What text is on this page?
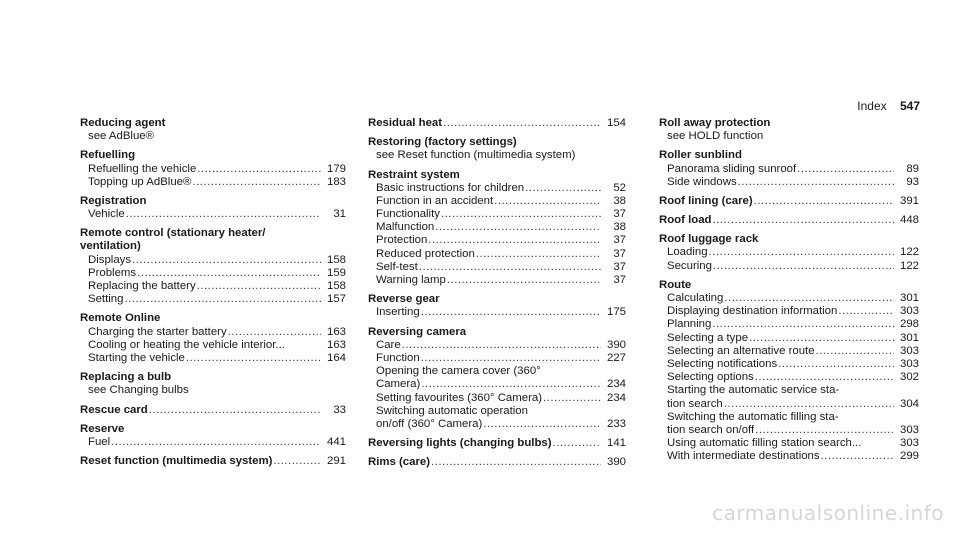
Index 547
Reducing agent
see AdBlue®
Refuelling
Refuelling the vehicle .....	179
Topping up AdBlue® .....	183
Registration
Vehicle .....	31
Remote control (stationary heater/
ventilation)
Displays .....	158
Problems .....	159
Replacing the battery .....	158
Setting .....	157
Remote Online
Charging the starter battery .....	163
Cooling or heating the vehicle interior...	163
Starting the vehicle .....	164
Replacing a bulb
see Changing bulbs
Rescue card .....	33
Reserve
Fuel .....	441
Reset function (multimedia system) .....	291
Residual heat .....	154
Restoring (factory settings)
see Reset function (multimedia system)
Restraint system
Basic instructions for children .....	52
Function in an accident .....	38
Functionality .....	37
Malfunction .....	38
Protection .....	37
Reduced protection .....	37
Self-test .....	37
Warning lamp .....	37
Reverse gear
Inserting .....	175
Reversing camera
Care .....	390
Function .....	227
Opening the camera cover (360°
Camera) .....	234
Setting favourites (360° Camera) .....	234
Switching automatic operation
on/off (360° Camera) .....	233
Reversing lights (changing bulbs) .....	141
Rims (care) .....	390
Roll away protection
see HOLD function
Roller sunblind
Panorama sliding sunroof .....	89
Side windows .....	93
Roof lining (care) .....	391
Roof load .....	448
Roof luggage rack
Loading .....	122
Securing .....	122
Route
Calculating .....	301
Displaying destination information .....	303
Planning .....	298
Selecting a type .....	301
Selecting an alternative route .....	303
Selecting notifications .....	303
Selecting options .....	302
Starting the automatic service sta-
tion search .....	304
Switching the automatic filling sta-
tion search on/off .....	303
Using automatic filling station search...	303
With intermediate destinations .....	299
carmanualsonline.info
